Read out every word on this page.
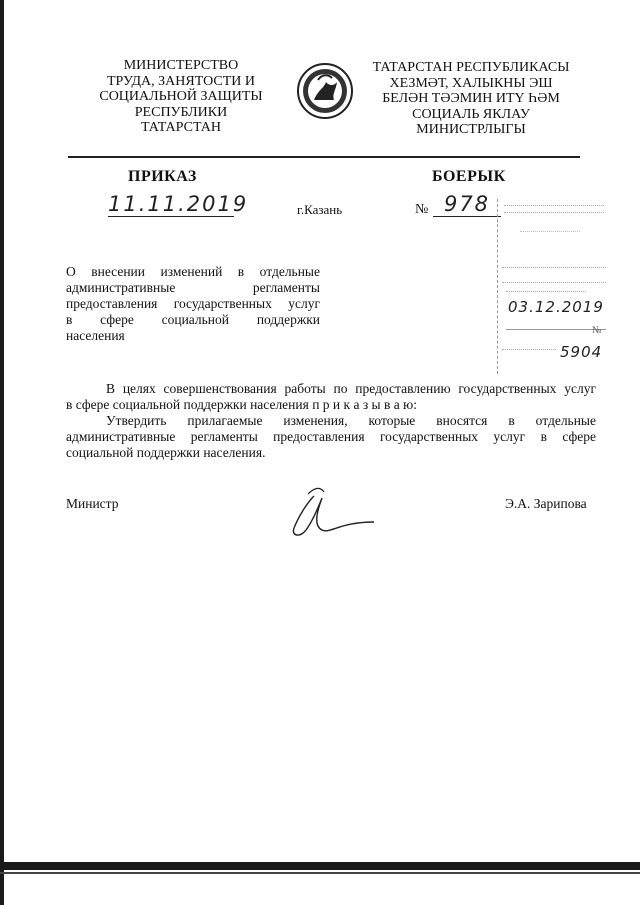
МИНИСТЕРСТВО
ТРУДА, ЗАНЯТОСТИ И
СОЦИАЛЬНОЙ ЗАЩИТЫ
РЕСПУБЛИКИ
ТАТАРСТАН
ТАТАРСТАН РЕСПУБЛИКАСЫ
ХЕЗМӘТ, ХАЛЫКНЫ ЭШ
БЕЛӘН ТӘЭМИН ИТҮ ҺӘМ
СОЦИАЛЬ ЯКЛАУ
МИНИСТРЛЫГЫ
ПРИКАЗ	БОЕРЫК
11.11.2019	г.Казань	№ 978
03.12.2019
№
5904
О внесении изменений в отдельные
административные регламенты
предоставления государственных услуг
в сфере социальной поддержки
населения
В целях совершенствования работы по предоставлению государственных услуг
в сфере социальной поддержки населения п р и к а з ы в а ю:
Утвердить прилагаемые изменения, которые вносятся в отдельные
административные регламенты предоставления государственных услуг в сфере
социальной поддержки населения.
Министр	Э.А. Зарипова
